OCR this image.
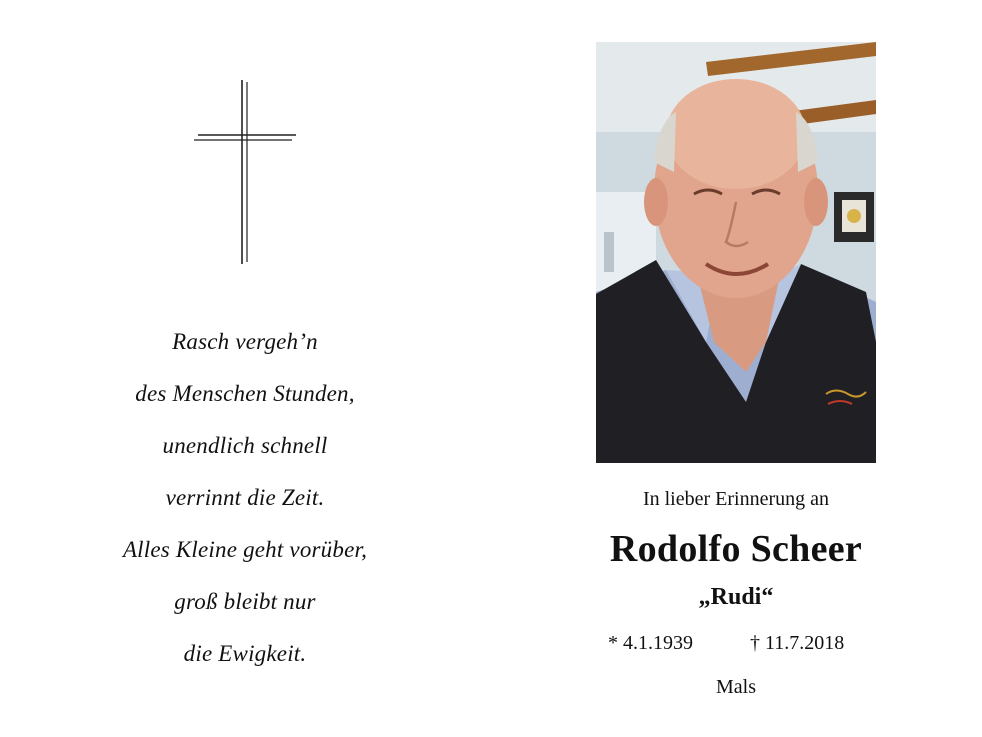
Rasch vergeh’n
des Menschen Stunden,
unendlich schnell
verrinnt die Zeit.
Alles Kleine geht vorüber,
groß bleibt nur
die Ewigkeit.
In lieber Erinnerung an
Rodolfo Scheer
„Rudi“
* 4.1.1939	† 11.7.2018
Mals
